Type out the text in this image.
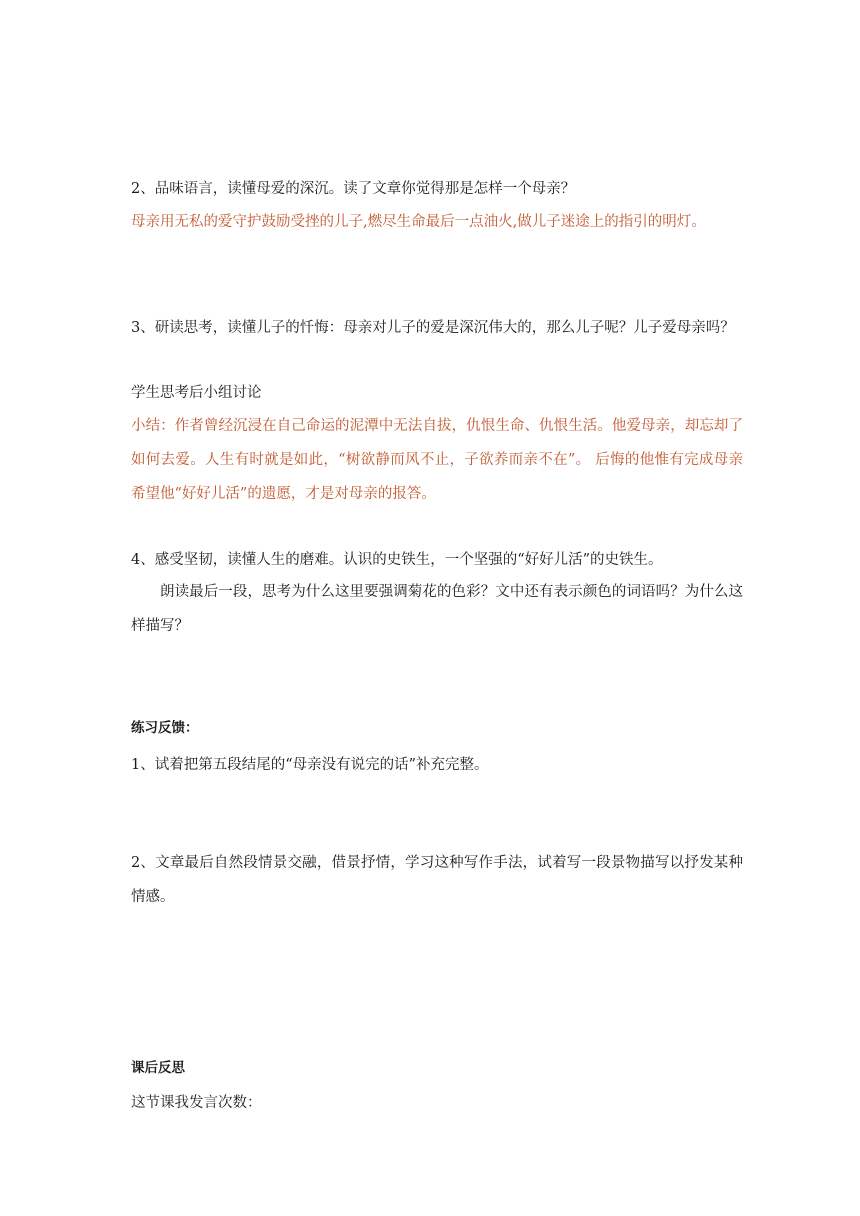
2、品味语言，读懂母爱的深沉。读了文章你觉得那是怎样一个母亲？
母亲用无私的爱守护鼓励受挫的儿子,燃尽生命最后一点油火,做儿子迷途上的指引的明灯。
3、研读思考，读懂儿子的忏悔：母亲对儿子的爱是深沉伟大的，那么儿子呢？儿子爱母亲吗？
学生思考后小组讨论
小结：作者曾经沉浸在自己命运的泥潭中无法自拔，仇恨生命、仇恨生活。他爱母亲，却忘却了如何去爱。人生有时就是如此，“树欲静而风不止，子欲养而亲不在”。 后悔的他惟有完成母亲希望他“好好儿活”的遗愿，才是对母亲的报答。
4、感受坚韧，读懂人生的磨难。认识的史铁生，一个坚强的“好好儿活”的史铁生。
朗读最后一段，思考为什么这里要强调菊花的色彩？文中还有表示颜色的词语吗？为什么这样描写？
练习反馈：
1、试着把第五段结尾的“母亲没有说完的话”补充完整。
2、文章最后自然段情景交融，借景抒情，学习这种写作手法，试着写一段景物描写以抒发某种情感。
课后反思
这节课我发言次数：
